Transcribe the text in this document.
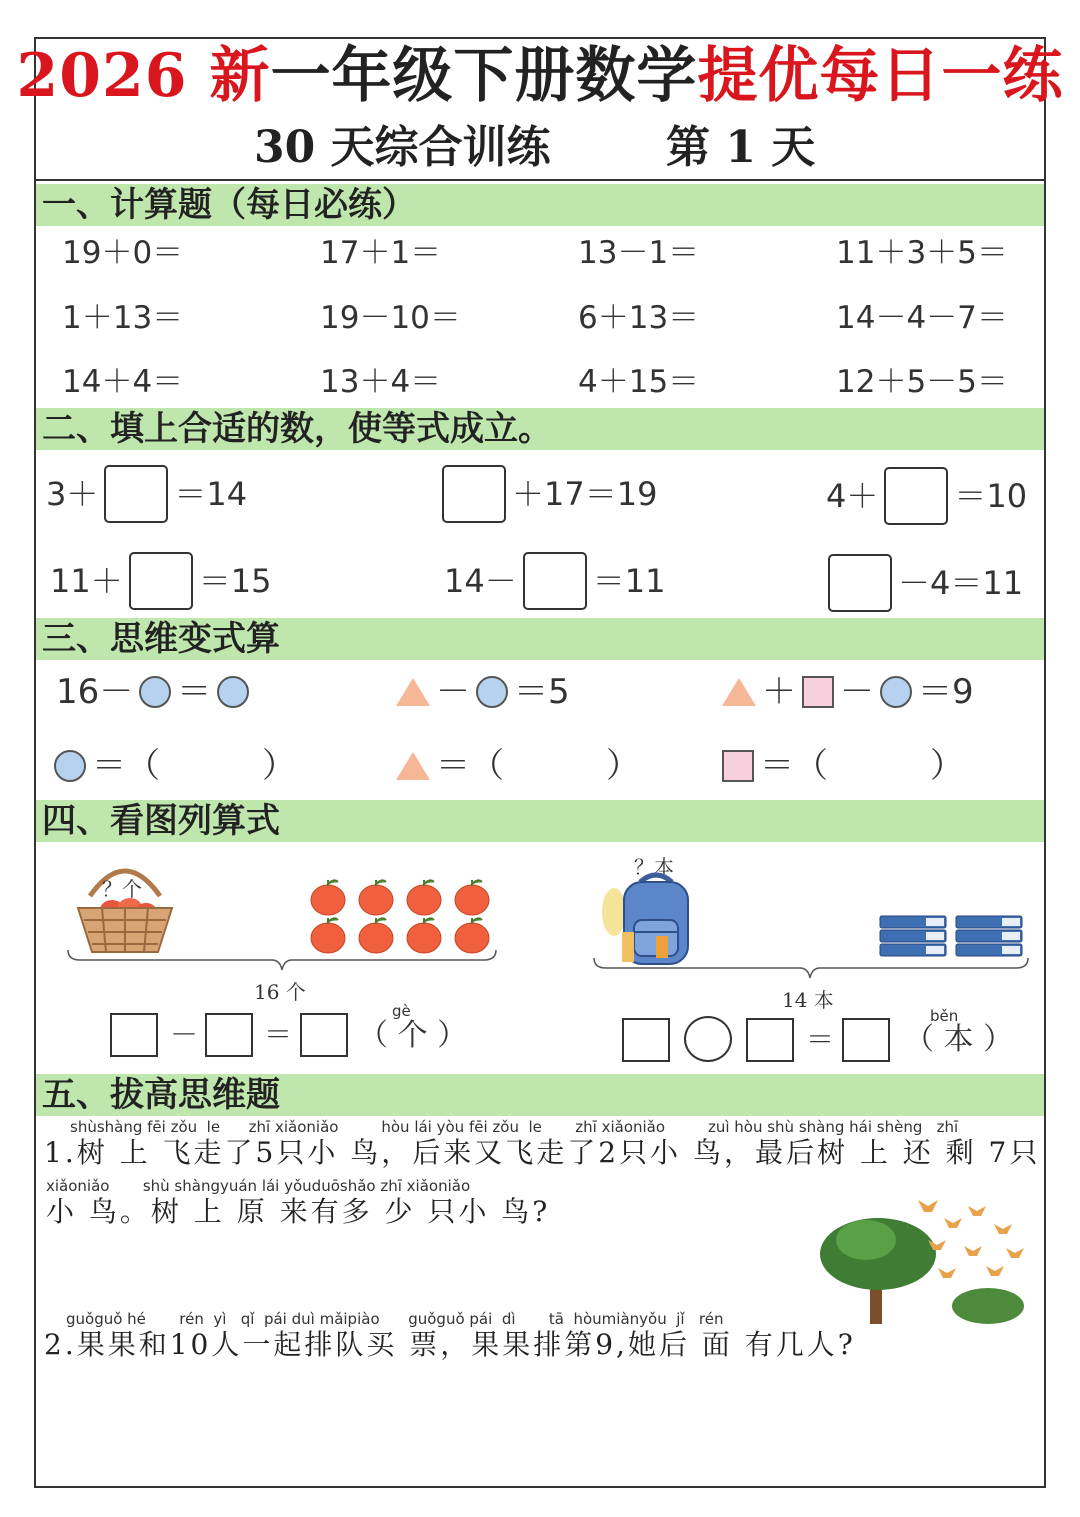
2026 新一年级下册数学提优每日一练
30 天综合训练	第 1 天
一、计算题（每日必练）
19＋0＝	17＋1＝	13－1＝	11＋3＋5＝
1＋13＝	19－10＝	6＋13＝	14－4－7＝
14＋4＝	13＋4＝	4＋15＝	12＋5－5＝
二、填上合适的数，使等式成立。
3＋ ＝14	＋17＝19	4＋ ＝10
11＋ ＝15	14－ ＝11	－4＝11
三、思维变式算
16－ ＝	－ ＝5	＋ － ＝9
＝（　　　）	＝（　　　）	＝（　　　）
四、看图列算式
？个
16 个
－ ＝
gè
（ 个 ）
？本
14 本
＝
běn
（ 本 ）
五、拔高思维题
shùshàng fēi zǒu  le      zhī xiǎoniǎo         hòu lái yòu fēi zǒu  le       zhī xiǎoniǎo         zuì hòu shù shàng hái shèng   zhī
1.树 上 飞走了5只小 鸟，后来又飞走了2只小 鸟，最后树 上 还 剩 7只
xiǎoniǎo       shù shàngyuán lái yǒuduōshǎo zhī xiǎoniǎo
小 鸟。树 上 原 来有多 少 只小 鸟?
guǒguǒ hé       rén  yì   qǐ  pái duì mǎipiào      guǒguǒ pái  dì       tā  hòumiànyǒu  jǐ   rén
2.果果和10人一起排队买 票，果果排第9,她后 面 有几人?
